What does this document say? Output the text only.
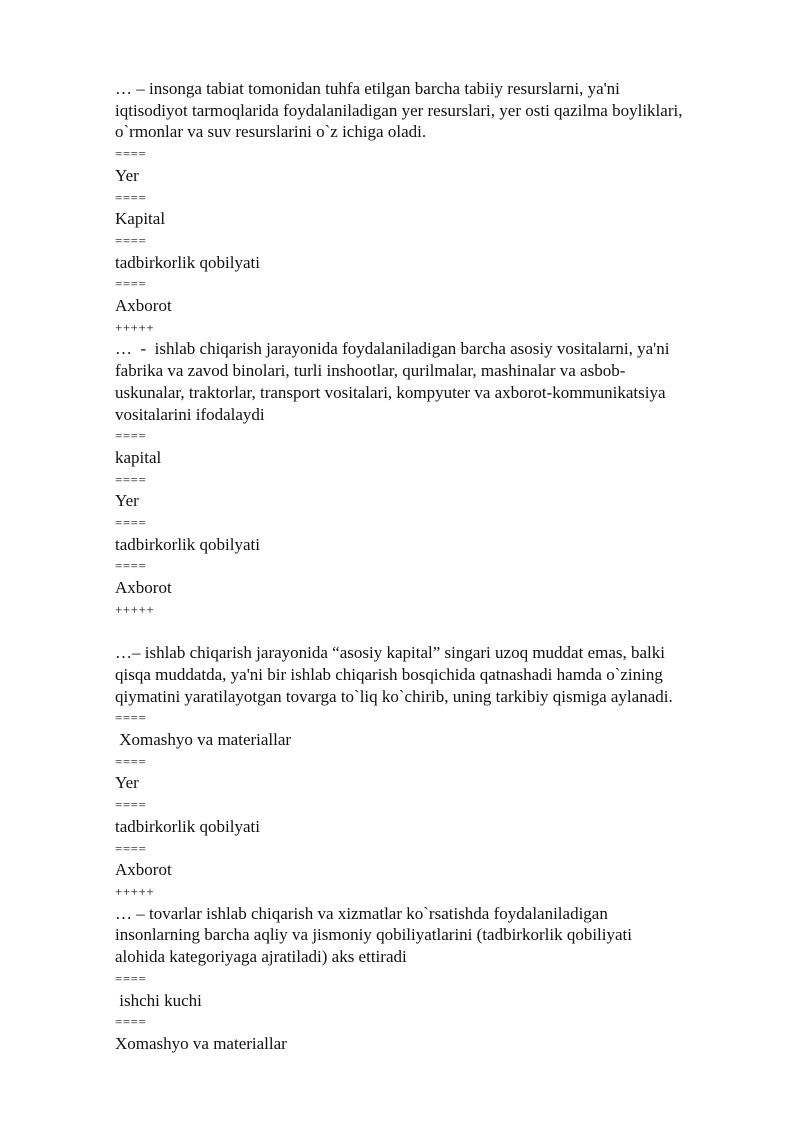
… – insonga tabiat tomonidan tuhfa etilgan barcha tabiiy resurslarni, ya'ni
iqtisodiyot tarmoqlarida foydalaniladigan yer resurslari, yer osti qazilma boyliklari,
o`rmonlar va suv resurslarini o`z ichiga oladi.
====
Yer
====
Kapital
====
tadbirkorlik qobilyati
====
Axborot
+++++
…  -  ishlab chiqarish jarayonida foydalaniladigan barcha asosiy vositalarni, ya'ni
fabrika va zavod binolari, turli inshootlar, qurilmalar, mashinalar va asbob-
uskunalar, traktorlar, transport vositalari, kompyuter va axborot-kommunikatsiya
vositalarini ifodalaydi
====
kapital
====
Yer
====
tadbirkorlik qobilyati
====
Axborot
+++++
…– ishlab chiqarish jarayonida “asosiy kapital” singari uzoq muddat emas, balki
qisqa muddatda, ya'ni bir ishlab chiqarish bosqichida qatnashadi hamda o`zining
qiymatini yaratilayotgan tovarga to`liq ko`chirib, uning tarkibiy qismiga aylanadi.
====
Xomashyo va materiallar
====
Yer
====
tadbirkorlik qobilyati
====
Axborot
+++++
… – tovarlar ishlab chiqarish va xizmatlar ko`rsatishda foydalaniladigan
insonlarning barcha aqliy va jismoniy qobiliyatlarini (tadbirkorlik qobiliyati
alohida kategoriyaga ajratiladi) aks ettiradi
====
ishchi kuchi
====
Xomashyo va materiallar
